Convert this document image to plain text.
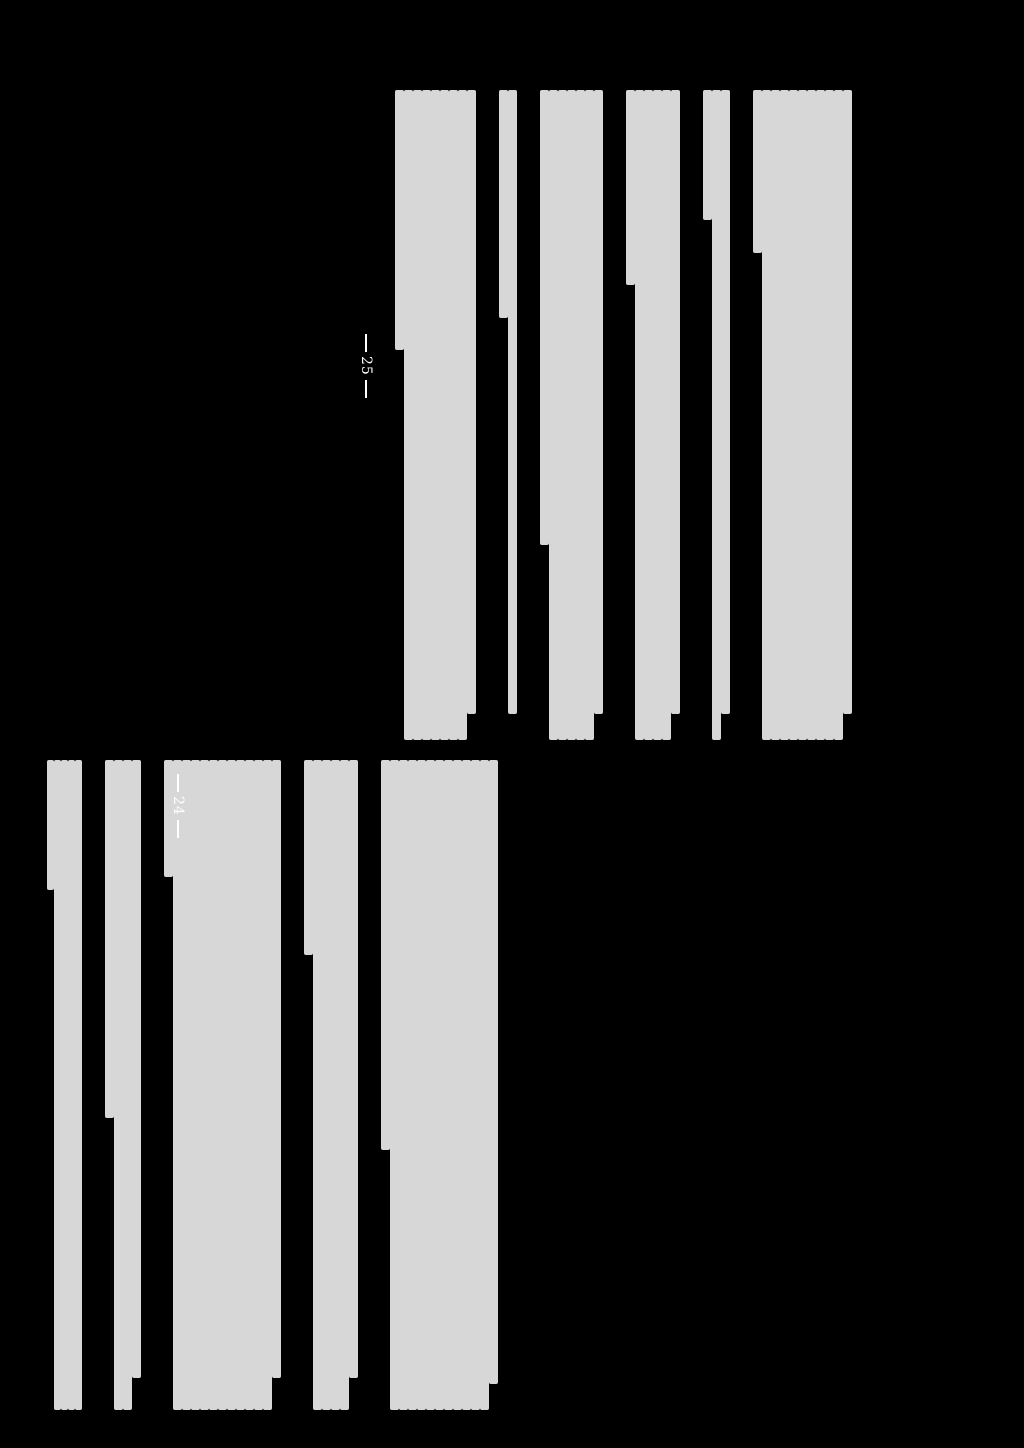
24
25
